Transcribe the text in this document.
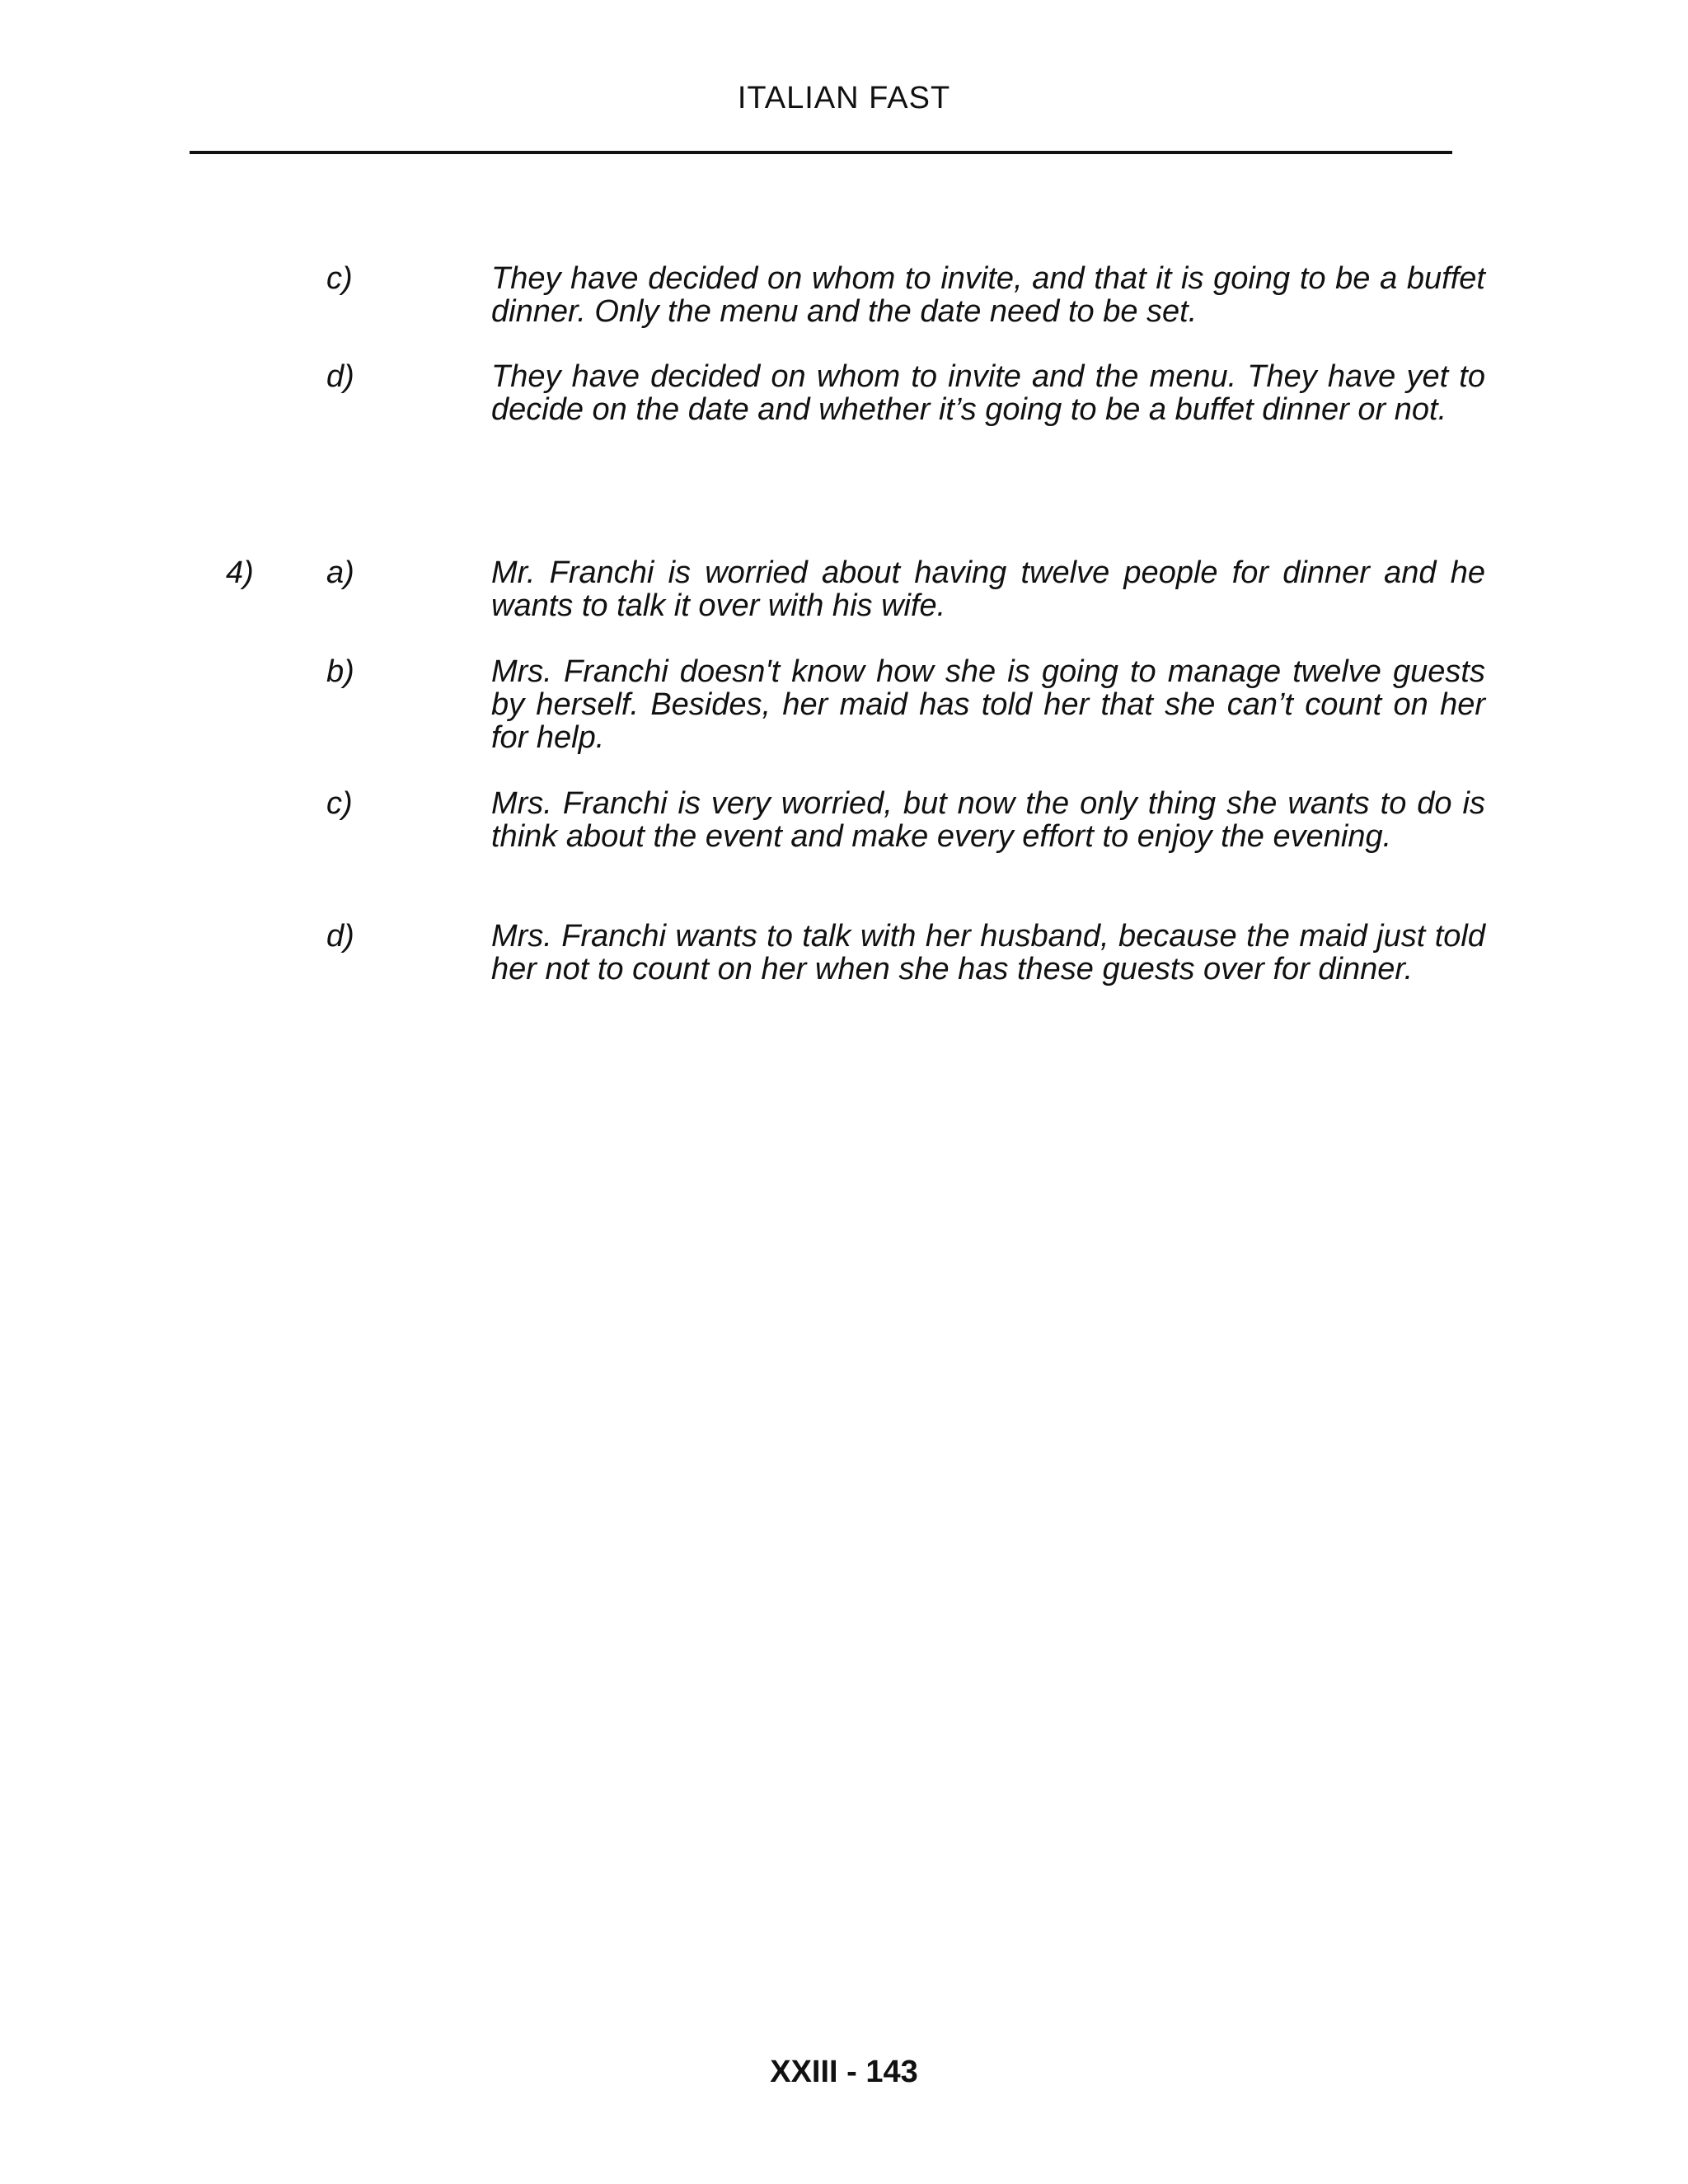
ITALIAN FAST
c)	They have decided on whom to invite, and that it is going to be a buffet dinner. Only the menu and the date need to be set.
d)	They have decided on whom to invite and the menu. They have yet to decide on the date and whether it’s going to be a buffet dinner or not.
4) a)	Mr. Franchi is worried about having twelve people for dinner and he wants to talk it over with his wife.
b)	Mrs. Franchi doesn't know how she is going to manage twelve guests by herself. Besides, her maid has told her that she can’t count on her for help.
c)	Mrs. Franchi is very worried, but now the only thing she wants to do is think about the event and make every effort to enjoy the evening.
d)	Mrs. Franchi wants to talk with her husband, because the maid just told her not to count on her when she has these guests over for dinner.
XXIII - 143
